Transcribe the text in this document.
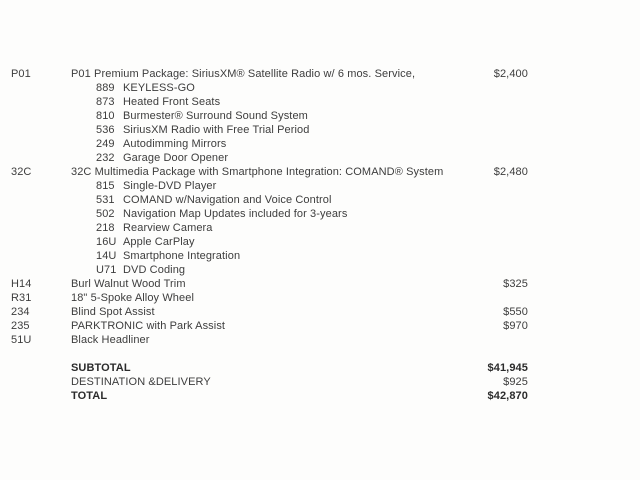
P01	P01 Premium Package: SiriusXM® Satellite Radio w/ 6 mos. Service,	$2,400
889 KEYLESS-GO
873 Heated Front Seats
810 Burmester® Surround Sound System
536 SiriusXM Radio with Free Trial Period
249 Autodimming Mirrors
232 Garage Door Opener
32C	32C Multimedia Package with Smartphone Integration: COMAND® System	$2,480
815 Single-DVD Player
531 COMAND w/Navigation and Voice Control
502 Navigation Map Updates included for 3-years
218 Rearview Camera
16U Apple CarPlay
14U Smartphone Integration
U71 DVD Coding
H14	Burl Walnut Wood Trim	$325
R31	18" 5-Spoke Alloy Wheel
234	Blind Spot Assist	$550
235	PARKTRONIC with Park Assist	$970
51U	Black Headliner
SUBTOTAL	$41,945
DESTINATION &DELIVERY	$925
TOTAL	$42,870
